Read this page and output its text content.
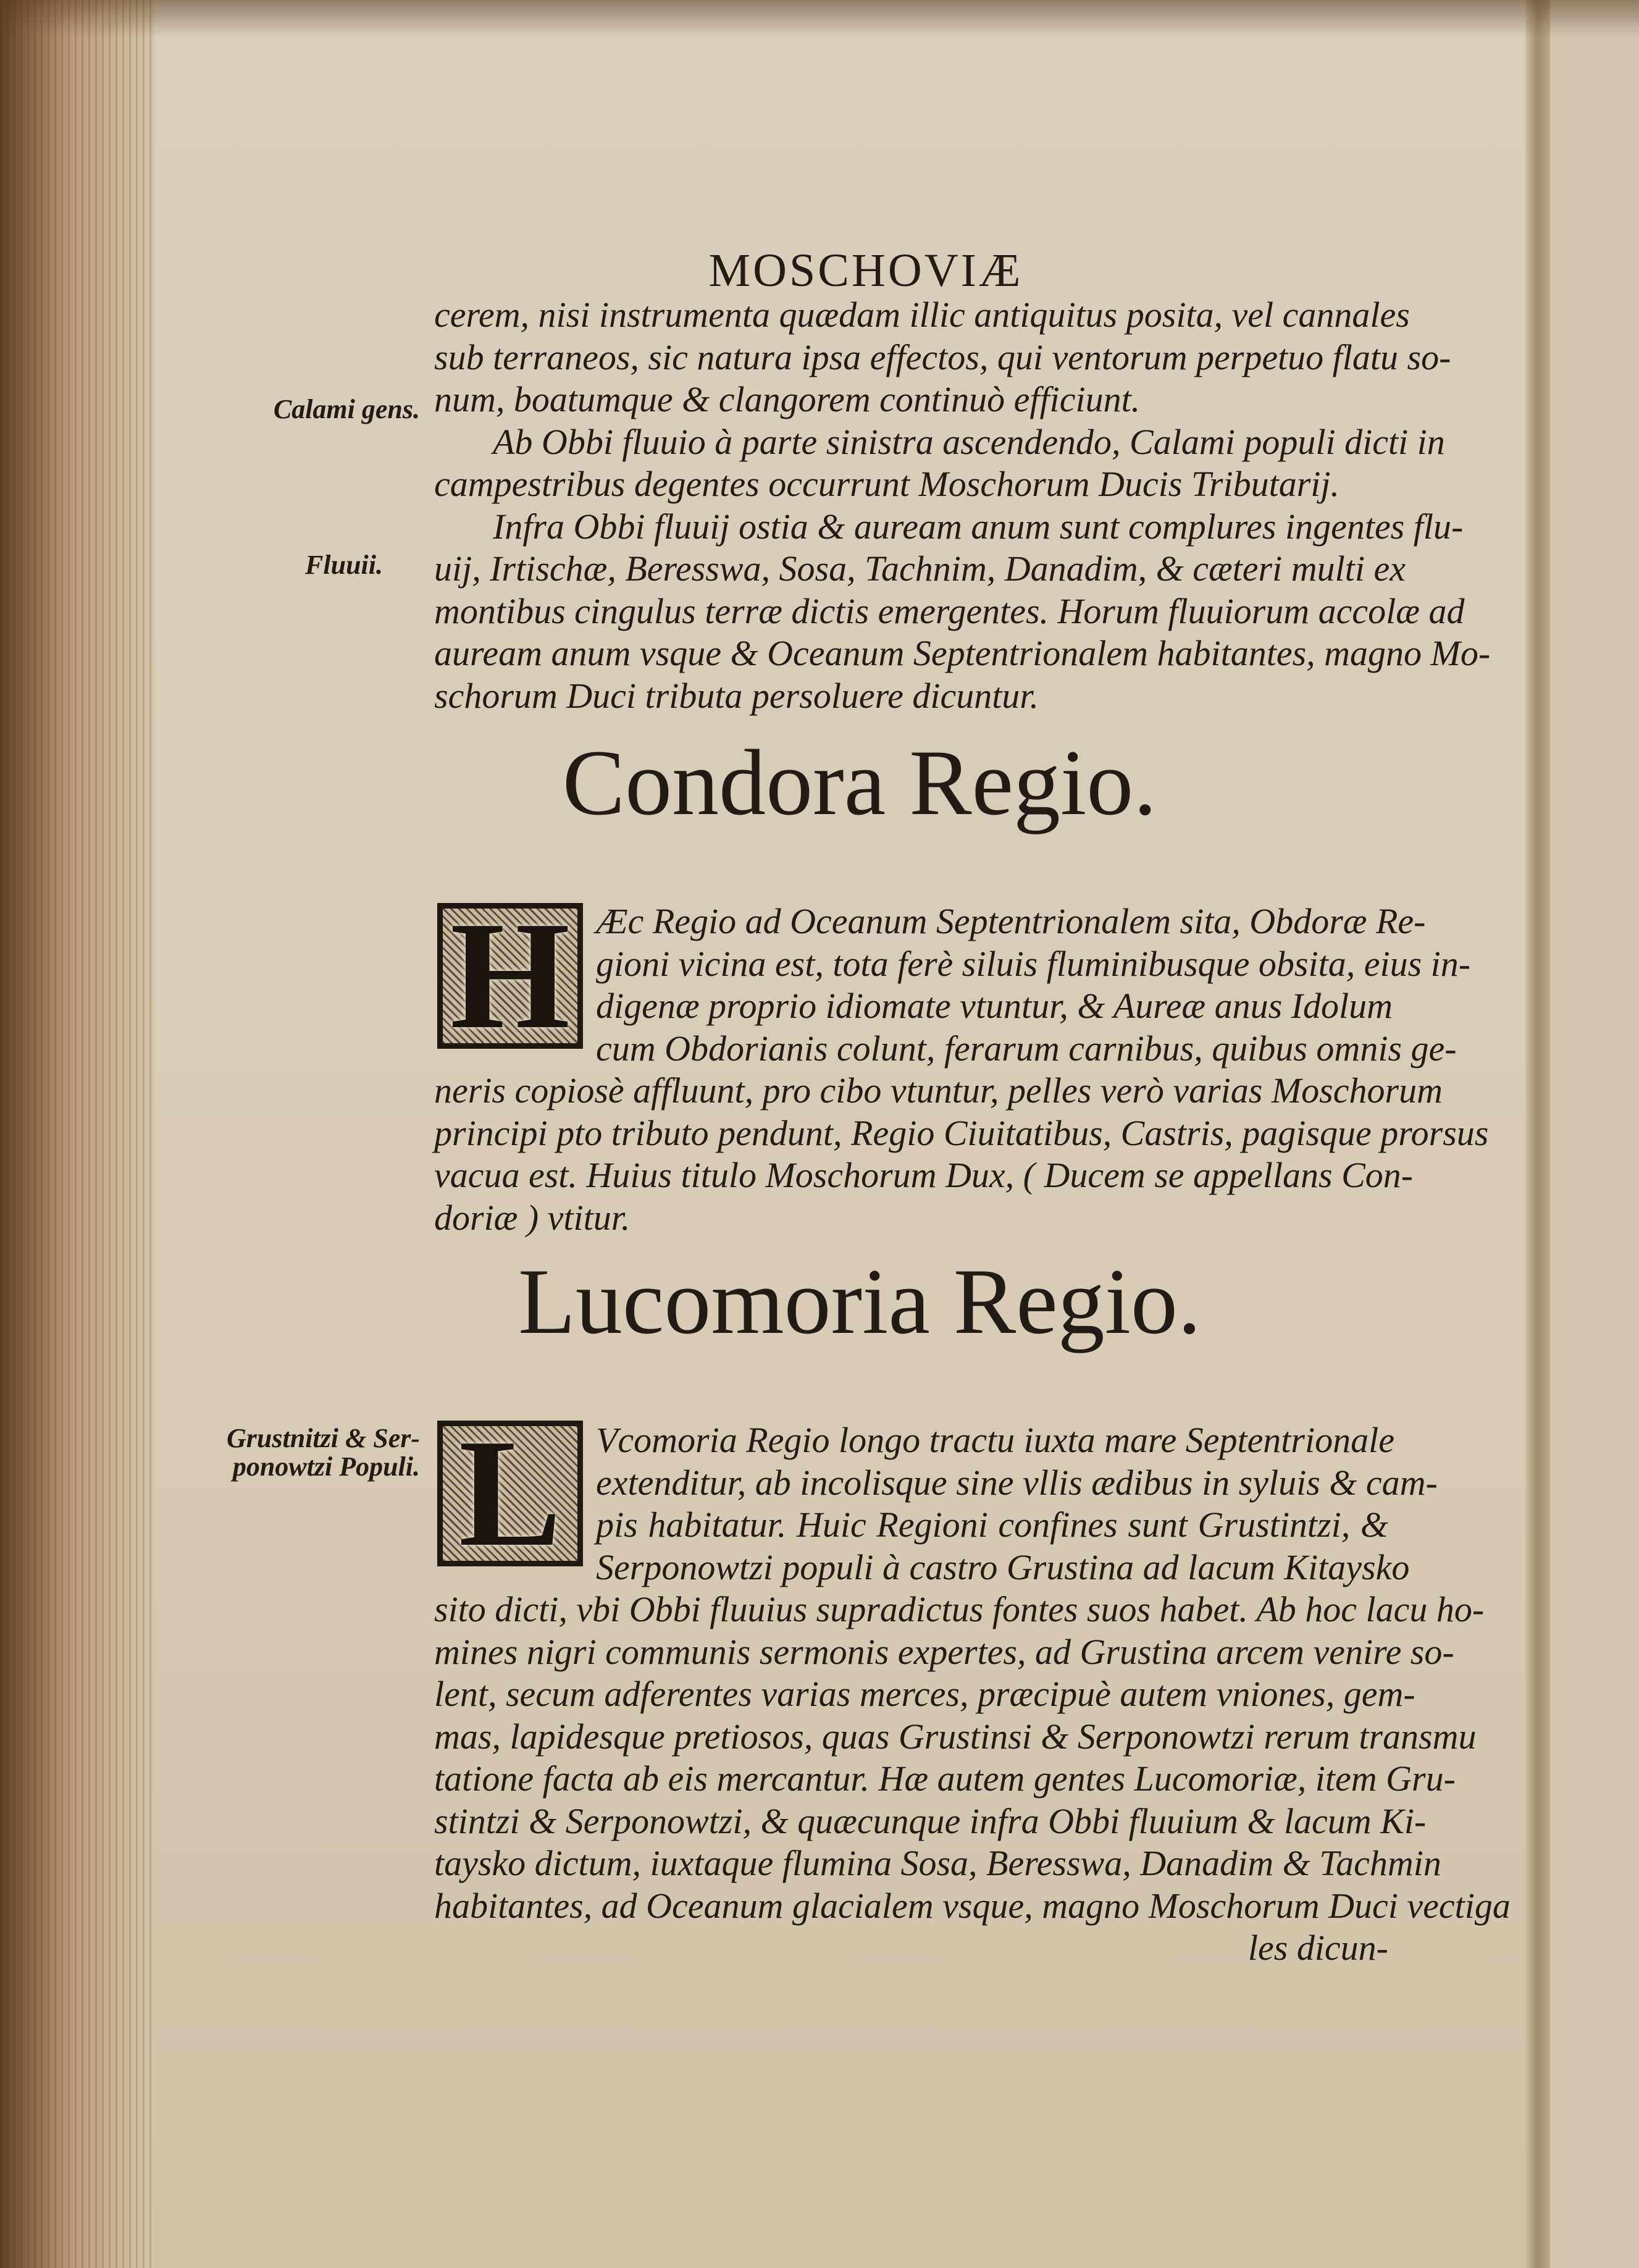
MOSCHOVIÆ
Calami gens.
Fluuii.
Grustnitzi & Ser-
ponowtzi Populi.
cerem, nisi instrumenta quædam illic antiquitus posita, vel cannales
sub terraneos, sic natura ipsa effectos, qui ventorum perpetuo flatu so-
num, boatumque & clangorem continuò efficiunt.
Ab Obbi fluuio à parte sinistra ascendendo, Calami populi dicti in
campestribus degentes occurrunt Moschorum Ducis Tributarij.
Infra Obbi fluuij ostia & auream anum sunt complures ingentes flu-
uij, Irtischæ, Beresswa, Sosa, Tachnim, Danadim, & cæteri multi ex
montibus cingulus terræ dictis emergentes. Horum fluuiorum accolæ ad
auream anum vsque & Oceanum Septentrionalem habitantes, magno Mo-
schorum Duci tributa persoluere dicuntur.
Condora Regio.
H Æc Regio ad Oceanum Septentrionalem sita, Obdoræ Re-
gioni vicina est, tota ferè siluis fluminibusque obsita, eius in-
digenæ proprio idiomate vtuntur, & Aureæ anus Idolum
cum Obdorianis colunt, ferarum carnibus, quibus omnis ge-
neris copiosè affluunt, pro cibo vtuntur, pelles verò varias Moschorum
principi pto tributo pendunt, Regio Ciuitatibus, Castris, pagisque prorsus
vacua est. Huius titulo Moschorum Dux, ( Ducem se appellans Con-
doriæ ) vtitur.
Lucomoria Regio.
L Vcomoria Regio longo tractu iuxta mare Septentrionale
extenditur, ab incolisque sine vllis ædibus in syluis & cam-
pis habitatur. Huic Regioni confines sunt Grustintzi, &
Serponowtzi populi à castro Grustina ad lacum Kitaysko
sito dicti, vbi Obbi fluuius supradictus fontes suos habet. Ab hoc lacu ho-
mines nigri communis sermonis expertes, ad Grustina arcem venire so-
lent, secum adferentes varias merces, præcipuè autem vniones, gem-
mas, lapidesque pretiosos, quas Grustinsi & Serponowtzi rerum transmu
tatione facta ab eis mercantur. Hæ autem gentes Lucomoriæ, item Gru-
stintzi & Serponowtzi, & quæcunque infra Obbi fluuium & lacum Ki-
taysko dictum, iuxtaque flumina Sosa, Beresswa, Danadim & Tachmin
habitantes, ad Oceanum glacialem vsque, magno Moschorum Duci vectiga
les dicun-
